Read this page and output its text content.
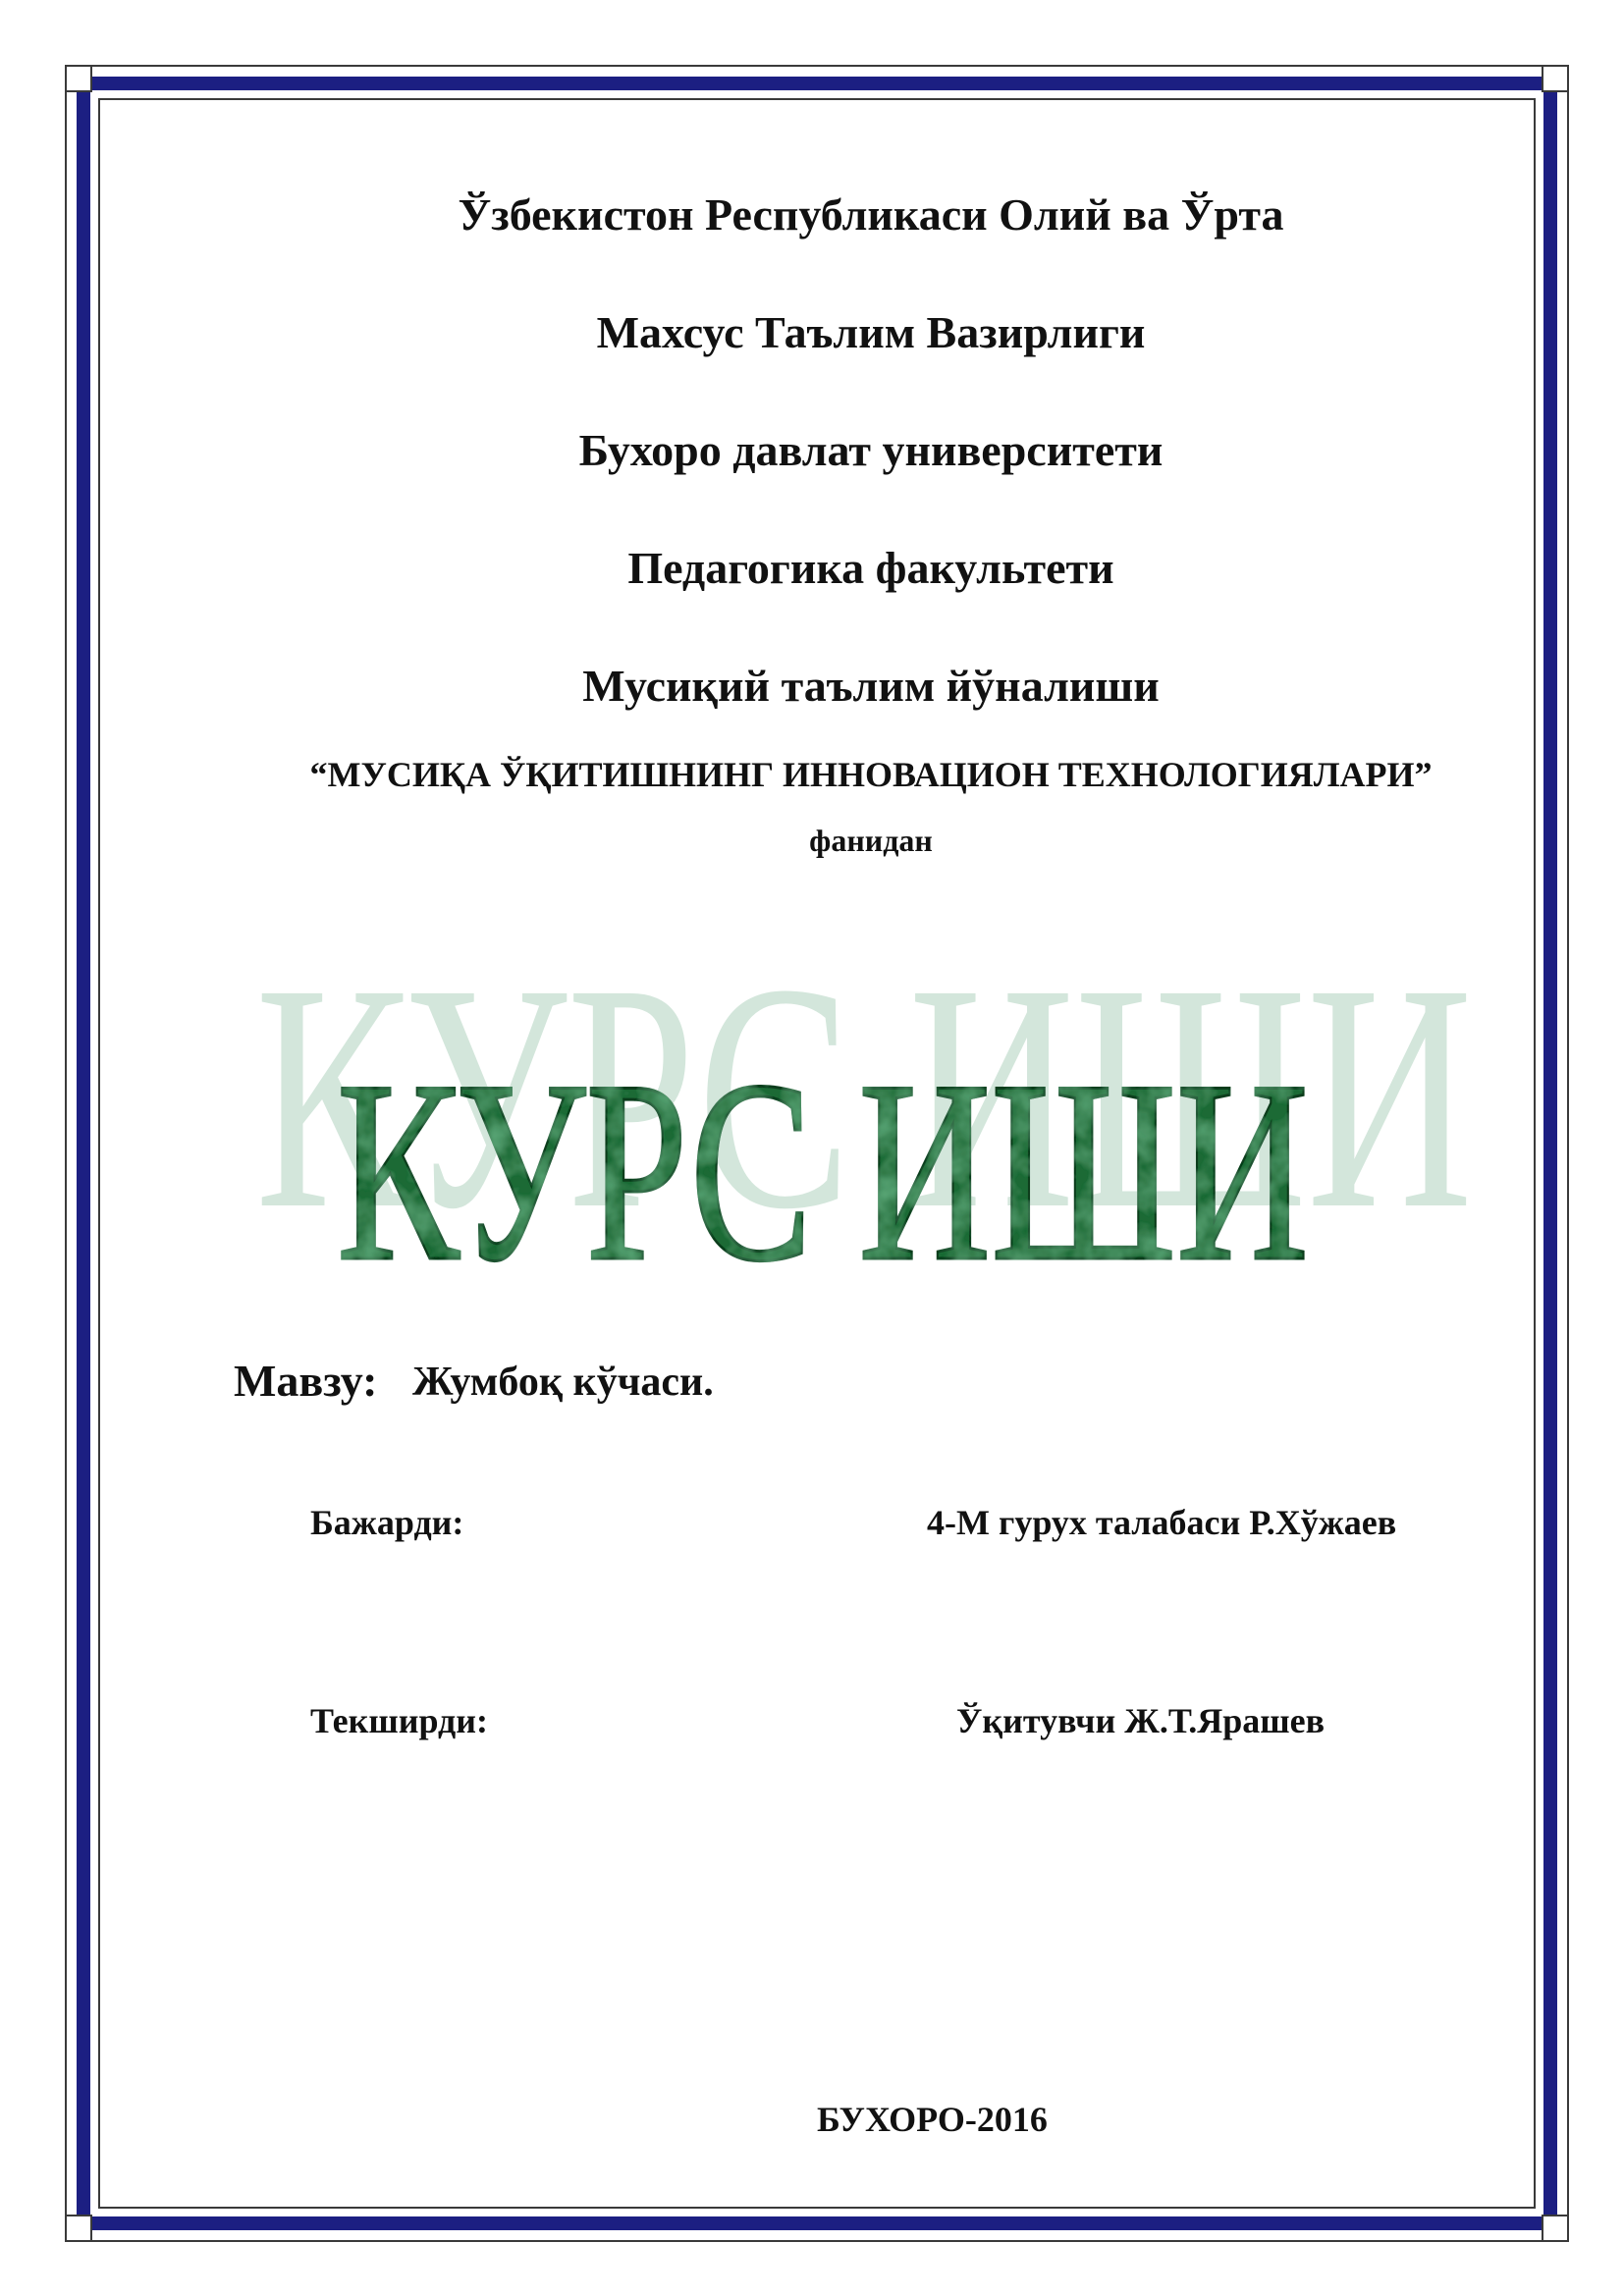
Ўзбекистон Республикаси Олий ва Ўрта
Махсус Таълим Вазирлиги
Бухоро давлат университети
Педагогика факультети
Мусиқий таълим йўналиши
“МУСИҚА ЎҚИТИШНИНГ ИННОВАЦИОН ТЕХНОЛОГИЯЛАРИ”
фанидан
КУРС ИШИ
КУРС ИШИ
Мавзу: Жумбоқ кўчаси.
Бажарди:	4-М гурух талабаси Р.Хўжаев
Текширди:	Ўқитувчи Ж.Т.Ярашев
БУХОРО-2016
